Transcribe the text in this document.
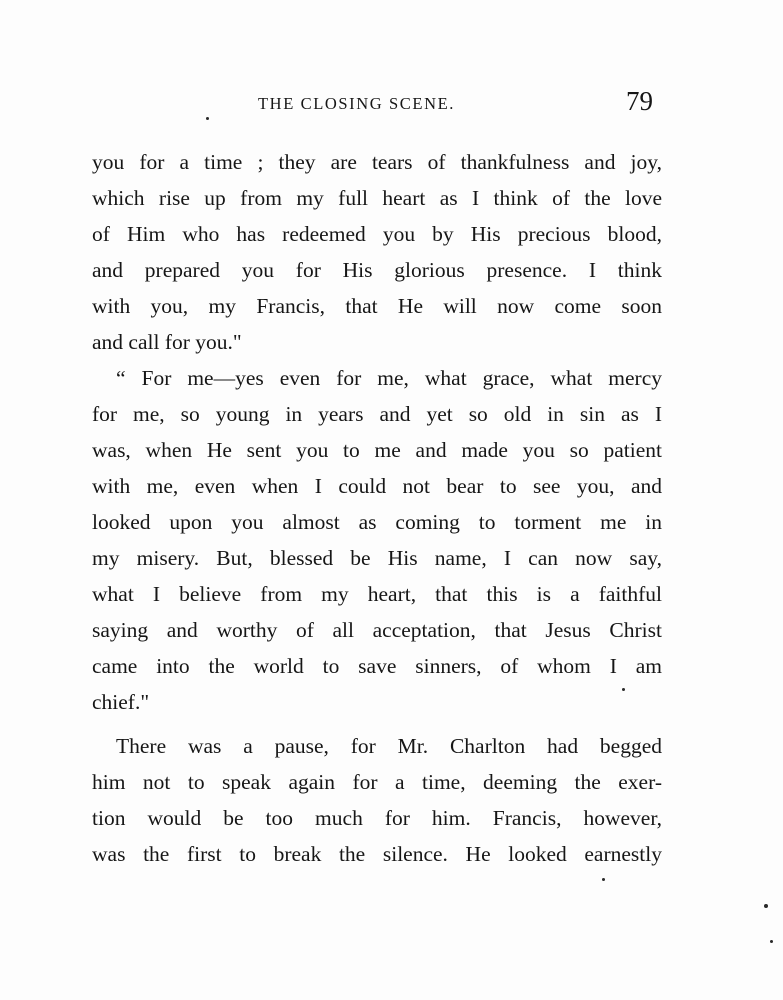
THE CLOSING SCENE.	79
you for a time ; they are tears of thankfulness and joy,
which rise up from my full heart as I think of the love
of Him who has redeemed you by His precious blood,
and prepared you for His glorious presence. I think
with you, my Francis, that He will now come soon
and call for you."
“ For me—yes even for me, what grace, what mercy
for me, so young in years and yet so old in sin as I
was, when He sent you to me and made you so patient
with me, even when I could not bear to see you, and
looked upon you almost as coming to torment me in
my misery. But, blessed be His name, I can now say,
what I believe from my heart, that this is a faithful
saying and worthy of all acceptation, that Jesus Christ
came into the world to save sinners, of whom I am
chief."
There was a pause, for Mr. Charlton had begged
him not to speak again for a time, deeming the exer-
tion would be too much for him. Francis, however,
was the first to break the silence. He looked earnestly
